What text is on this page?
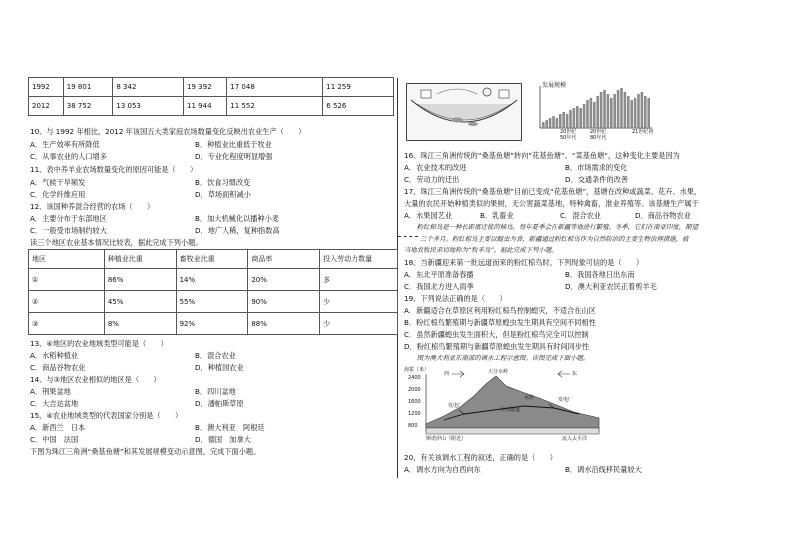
1992	19 801	8 342	19 392	17 048	11 259
2012	38 752	13 053	11 944	11 552	6 526
10、与 1992 年相比，2012 年该国五大类家庭农场数量变化反映出农业生产（　　）
A．生产效率有所降低	B．种植业比重低于牧业
C．从事农业的人口增多	D．专业化程度明显增强
11、表中养羊业农场数量变化的原因可能是（　　）
A．气候干旱频发	B．饮食习惯改变
C．化学纤维应用	D．草场面积减小
12、该国种养混合经营的农场（　　）
A．主要分布于东部地区	B．加大机械化以播种小麦
C．一般受市场制约较大	D．地广人稀，复种指数高
读三个地区农业基本情况比较表，据此完成下列小题。
地区	种植业比重	畜牧业比重	商品率	投入劳动力数量
①	86%	14%	20%	多
②	45%	55%	90%	少
③	8%	92%	88%	少
13、④地区的农业地域类型可能是（　　）
A．水稻种植业	B．混合农业
C．商品谷物农业	D．种植园农业
14、与③地区农业相似的地区是（　　）
A．荆果盆地	B．四川盆地
C．大吉达盆地	D．潘帕斯草原
15、④农业地域类型的代表国家分别是（　　）
A．新西兰　日本	B．澳大利亚　阿根廷
C．中国　法国	D．德国　加拿大
下图为珠江三角洲“桑基鱼塘”和其发展规模变动示意图，完成下面小题。
发展规模
20世纪50年代
20世纪80年代
21世纪初
16、珠江三角洲传统的“桑基鱼塘”转向“花基鱼塘”、“菜基鱼塘”，这种变化主要是因为
A．农业技术的改进	B．市场需求的变化
C．劳动力的迁出	D．交通条件的改善
17、珠江三角洲传统的“桑基鱼塘”目前已变成“花基鱼塘”，基塘在改种或蔬菜、花卉、水果，
大量的农民开始种植类似的果树，无公害蔬菜基地，特种禽畜，淮业养殖等。该基塘生产属于
A．水果园艺业	B．乳畜业	C．混合农业	D．商品谷物农业
　　粉红椋鸟是一种长距离迁徙的候鸟，每年夏季会在新疆等地进行繁殖。冬季，它们在南亚印度，期望
三个多月。粉红椋鸟主要以蝗虫为食，新疆通过粉红椋鸟作为自然防治的主要生物治理措施，被
当地农牧民亲切地称为“牧羊鸟”。据此完成下列小题。
18、当新疆迎来第一批远道而来的粉红椋鸟时，下列现象可信的是（　　）
A．东北平原准备春播	B．我国各地日出东南
C．我国北方进入雨季	D．澳大利亚农民正着剪羊毛
19、下列说法正确的是（　　）
A．新疆适合在草原区利用粉红椋鸟控制蝗灾，不适合在山区
B．粉红椋鸟繁殖期与新疆草原蝗虫发生期具有空间不同相性
C．虽然新疆蝗虫发生面积大，但是粉红椋鸟完全可以控制
D．粉红椋鸟繁殖期与新疆草原蝗虫发生期具有时间同步性
　　图为澳大利亚东南部的调水工程示意图。读图完成下面小题。
海拔（米）
2400
2000
1600
1200
800
西	东
大分水岭
发电厂
发电厂
引水隧道
水库
斯诺伊山（附近）	流入太平洋
20、有关该调水工程的叙述，正确的是（　　）
A．调水方向为自西向东	B．调水沿线移民量较大
